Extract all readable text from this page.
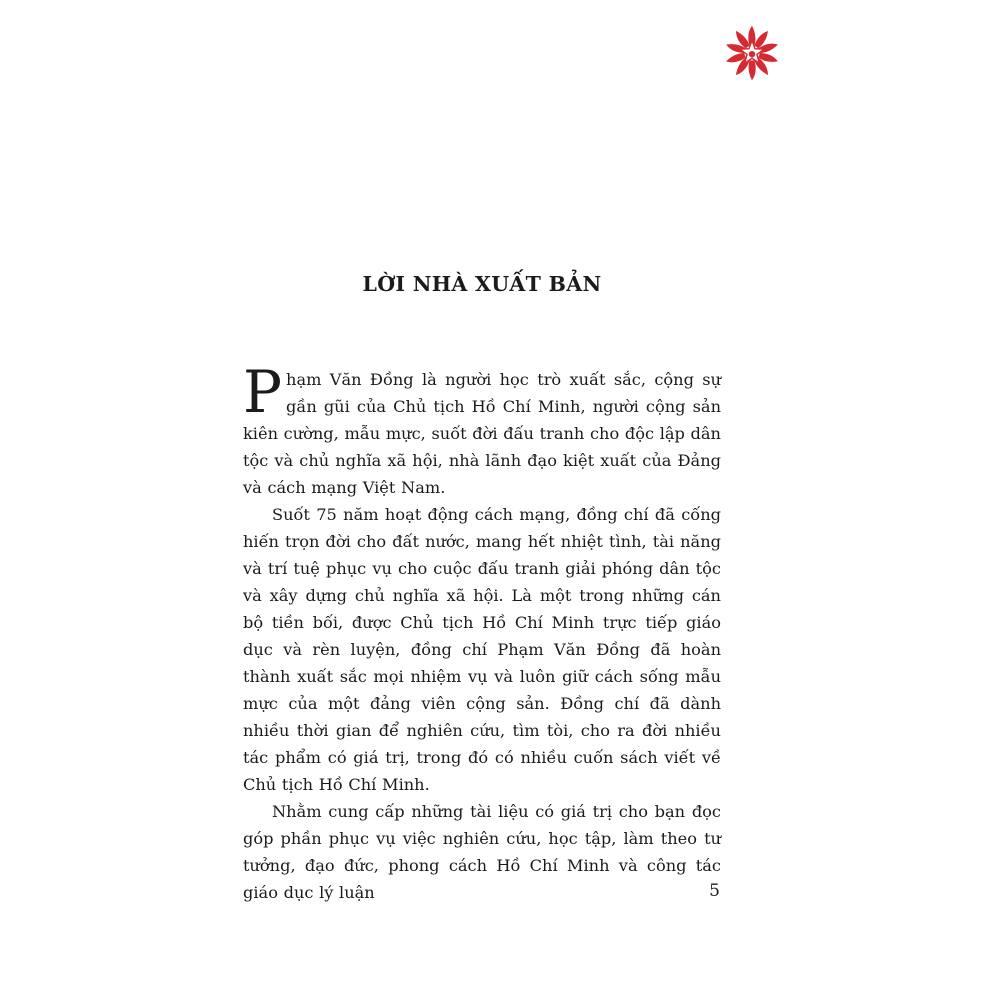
LỜI NHÀ XUẤT BẢN

Phạm Văn Đồng là người học trò xuất sắc, cộng sự gần gũi của Chủ tịch Hồ Chí Minh, người cộng sản kiên cường, mẫu mực, suốt đời đấu tranh cho độc lập dân tộc và chủ nghĩa xã hội, nhà lãnh đạo kiệt xuất của Đảng và cách mạng Việt Nam.

Suốt 75 năm hoạt động cách mạng, đồng chí đã cống hiến trọn đời cho đất nước, mang hết nhiệt tình, tài năng và trí tuệ phục vụ cho cuộc đấu tranh giải phóng dân tộc và xây dựng chủ nghĩa xã hội. Là một trong những cán bộ tiền bối, được Chủ tịch Hồ Chí Minh trực tiếp giáo dục và rèn luyện, đồng chí Phạm Văn Đồng đã hoàn thành xuất sắc mọi nhiệm vụ và luôn giữ cách sống mẫu mực của một đảng viên cộng sản. Đồng chí đã dành nhiều thời gian để nghiên cứu, tìm tòi, cho ra đời nhiều tác phẩm có giá trị, trong đó có nhiều cuốn sách viết về Chủ tịch Hồ Chí Minh.

Nhằm cung cấp những tài liệu có giá trị cho bạn đọc góp phần phục vụ việc nghiên cứu, học tập, làm theo tư tưởng, đạo đức, phong cách Hồ Chí Minh và công tác giáo dục lý luận	5
